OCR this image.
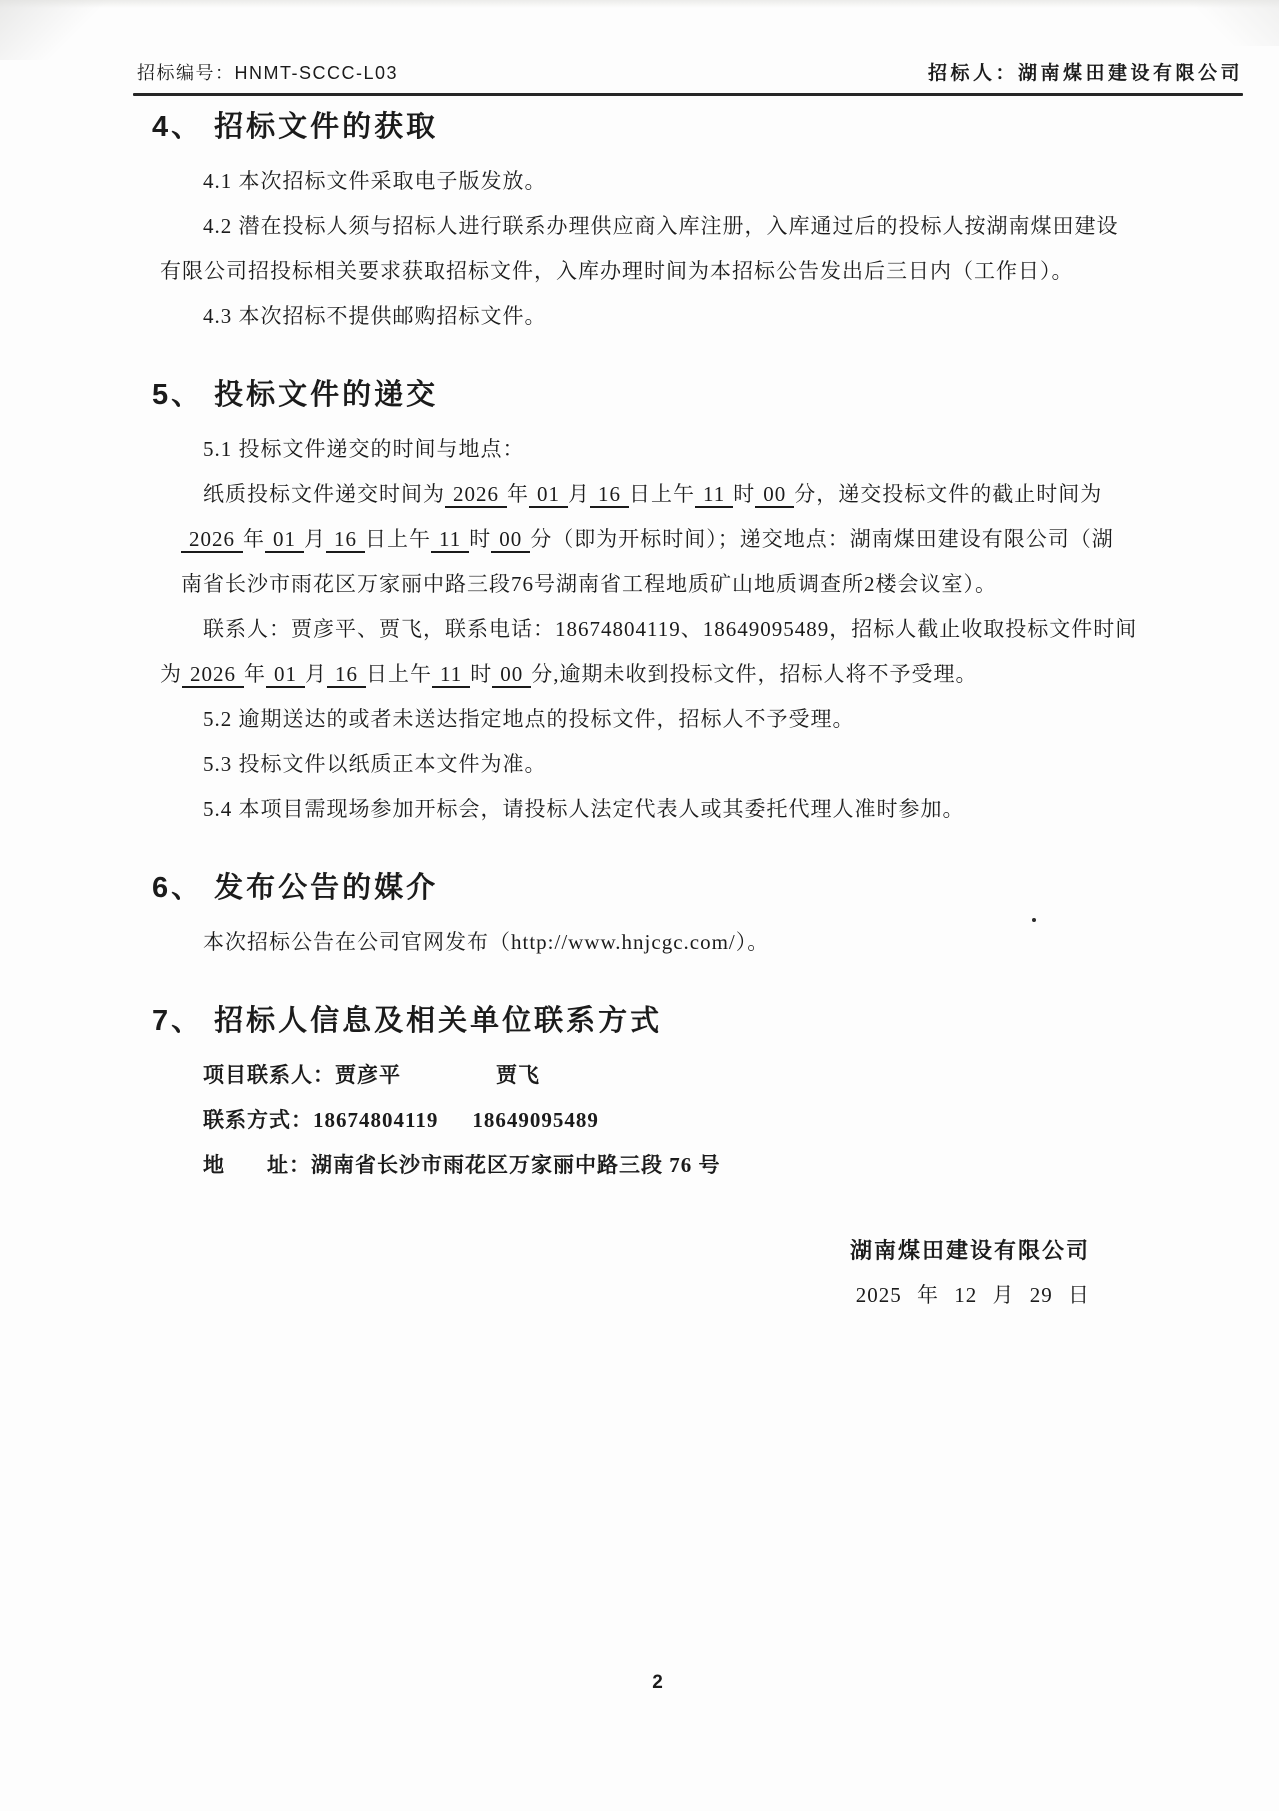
招标编号：HNMT-SCCC-L03	招标人：湖南煤田建设有限公司
4、 招标文件的获取
4.1 本次招标文件采取电子版发放。
4.2 潜在投标人须与招标人进行联系办理供应商入库注册，入库通过后的投标人按湖南煤田建设
有限公司招投标相关要求获取招标文件，入库办理时间为本招标公告发出后三日内（工作日）。
4.3 本次招标不提供邮购招标文件。
5、 投标文件的递交
5.1 投标文件递交的时间与地点：
纸质投标文件递交时间为 2026 年 01 月 16 日上午 11 时 00 分，递交投标文件的截止时间为
2026 年 01 月 16 日上午 11 时 00 分（即为开标时间）；递交地点：湖南煤田建设有限公司（湖
南省长沙市雨花区万家丽中路三段76号湖南省工程地质矿山地质调查所2楼会议室）。
联系人：贾彦平、贾飞，联系电话：18674804119、18649095489，招标人截止收取投标文件时间
为 2026 年 01 月 16 日上午 11 时 00 分,逾期未收到投标文件，招标人将不予受理。
5.2 逾期送达的或者未送达指定地点的投标文件，招标人不予受理。
5.3 投标文件以纸质正本文件为准。
5.4 本项目需现场参加开标会，请投标人法定代表人或其委托代理人准时参加。
6、 发布公告的媒介
本次招标公告在公司官网发布（http://www.hnjcgc.com/）。
7、 招标人信息及相关单位联系方式
项目联系人：贾彦平	贾飞
联系方式：18674804119 18649095489
地 址：湖南省长沙市雨花区万家丽中路三段 76 号
湖南煤田建设有限公司
2025 年 12 月 29 日
2
